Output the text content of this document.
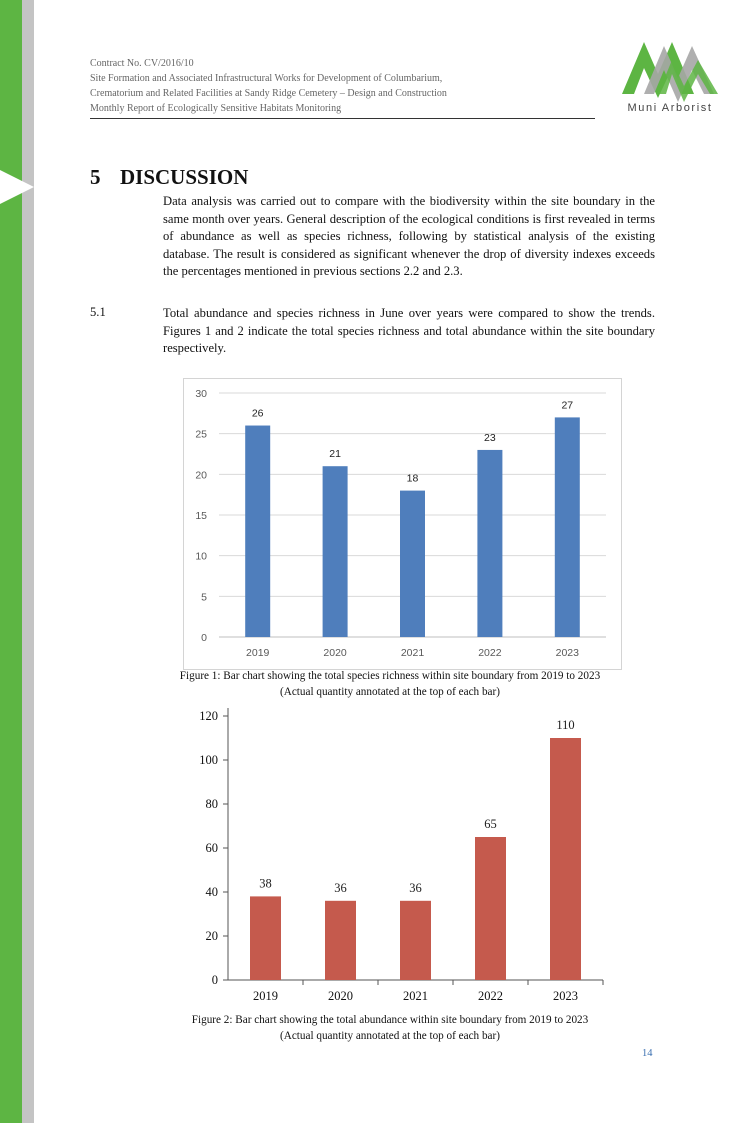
Contract No. CV/2016/10
Site Formation and Associated Infrastructural Works for Development of Columbarium,
Crematorium and Related Facilities at Sandy Ridge Cemetery – Design and Construction
Monthly Report of Ecologically Sensitive Habitats Monitoring	Muni Arborist
5 DISCUSSION
Data analysis was carried out to compare with the biodiversity within the site boundary in the same month over years. General description of the ecological conditions is first revealed in terms of abundance as well as species richness, following by statistical analysis of the existing database. The result is considered as significant whenever the drop of diversity indexes exceeds the percentages mentioned in previous sections 2.2 and 2.3.
5.1	Total abundance and species richness in June over years were compared to show the trends. Figures 1 and 2 indicate the total species richness and total abundance within the site boundary respectively.
0
5
10
15
20
25
30
26
2019
21
2020
18
2021
23
2022
27
2023
Figure 1: Bar chart showing the total species richness within site boundary from 2019 to 2023
(Actual quantity annotated at the top of each bar)
0
20
40
60
80
100
120
38
2019
36
2020
36
2021
65
2022
110
2023
Figure 2: Bar chart showing the total abundance within site boundary from 2019 to 2023
(Actual quantity annotated at the top of each bar)
14
